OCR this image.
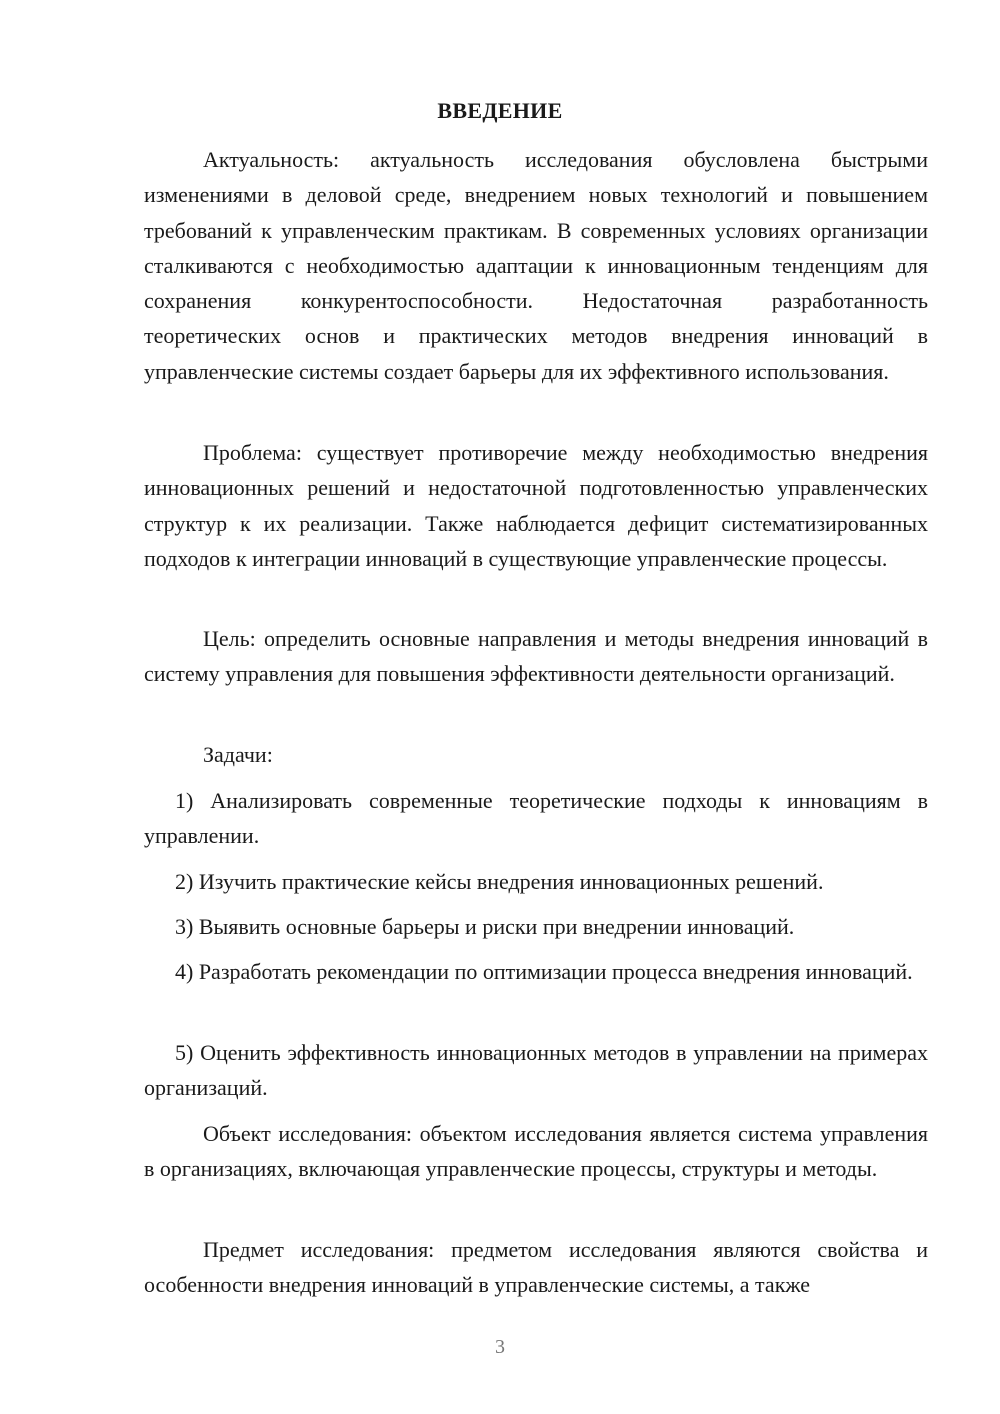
ВВЕДЕНИЕ

Актуальность: актуальность исследования обусловлена быстрыми изменениями в деловой среде, внедрением новых технологий и повышением требований к управленческим практикам. В современных условиях организации сталкиваются с необходимостью адаптации к инновационным тенденциям для сохранения конкурентоспособности. Недостаточная разработанность теоретических основ и практических методов внедрения инноваций в управленческие системы создает барьеры для их эффективного использования.

Проблема: существует противоречие между необходимостью внедрения инновационных решений и недостаточной подготовленностью управленческих структур к их реализации. Также наблюдается дефицит систематизированных подходов к интеграции инноваций в существующие управленческие процессы.

Цель: определить основные направления и методы внедрения инноваций в систему управления для повышения эффективности деятельности организаций.

Задачи:

1) Анализировать современные теоретические подходы к инновациям в управлении.

2) Изучить практические кейсы внедрения инновационных решений.

3) Выявить основные барьеры и риски при внедрении инноваций.

4) Разработать рекомендации по оптимизации процесса внедрения инноваций.

5) Оценить эффективность инновационных методов в управлении на примерах организаций.

Объект исследования: объектом исследования является система управления в организациях, включающая управленческие процессы, структуры и методы.

Предмет исследования: предметом исследования являются свойства и особенности внедрения инноваций в управленческие системы, а также

3
